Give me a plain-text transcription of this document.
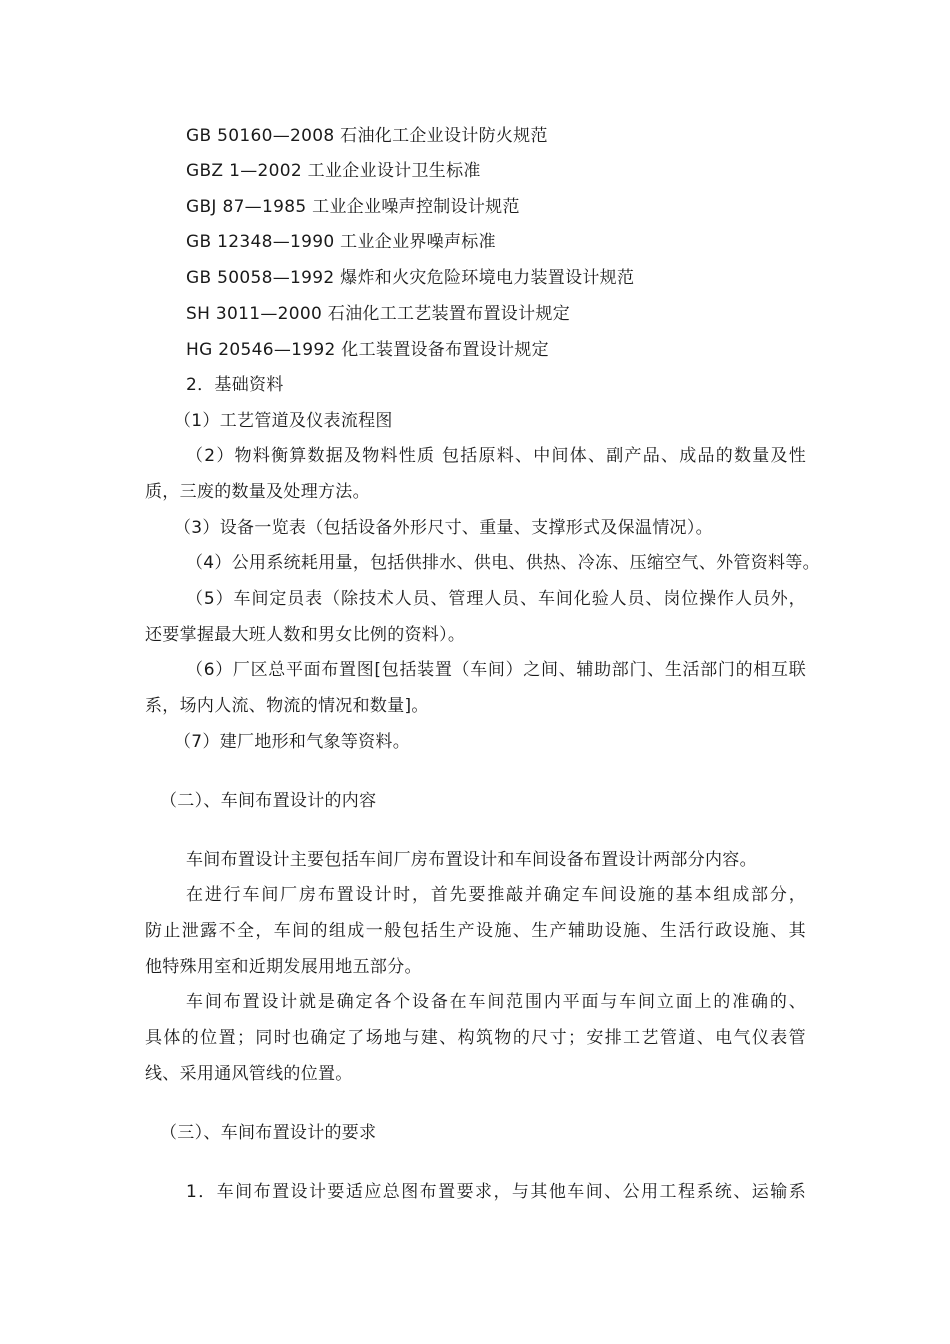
GB 50160—2008 石油化工企业设计防火规范
GBZ 1—2002 工业企业设计卫生标准
GBJ 87—1985 工业企业噪声控制设计规范
GB 12348—1990 工业企业界噪声标准
GB 50058—1992 爆炸和火灾危险环境电力装置设计规范
SH 3011—2000 石油化工工艺装置布置设计规定
HG 20546—1992 化工装置设备布置设计规定
2．基础资料
（1）工艺管道及仪表流程图
（2）物料衡算数据及物料性质 包括原料、中间体、副产品、成品的数量及性
质，三废的数量及处理方法。
（3）设备一览表（包括设备外形尺寸、重量、支撑形式及保温情况）。
（4）公用系统耗用量，包括供排水、供电、供热、冷冻、压缩空气、外管资料等。
（5）车间定员表（除技术人员、管理人员、车间化验人员、岗位操作人员外，
还要掌握最大班人数和男女比例的资料）。
（6）厂区总平面布置图[包括装置（车间）之间、辅助部门、生活部门的相互联
系，场内人流、物流的情况和数量]。
（7）建厂地形和气象等资料。
（二）、车间布置设计的内容
车间布置设计主要包括车间厂房布置设计和车间设备布置设计两部分内容。
在进行车间厂房布置设计时，首先要推敲并确定车间设施的基本组成部分，
防止泄露不全，车间的组成一般包括生产设施、生产辅助设施、生活行政设施、其
他特殊用室和近期发展用地五部分。
车间布置设计就是确定各个设备在车间范围内平面与车间立面上的准确的、
具体的位置；同时也确定了场地与建、构筑物的尺寸；安排工艺管道、电气仪表管
线、采用通风管线的位置。
（三）、车间布置设计的要求
1．车间布置设计要适应总图布置要求，与其他车间、公用工程系统、运输系
